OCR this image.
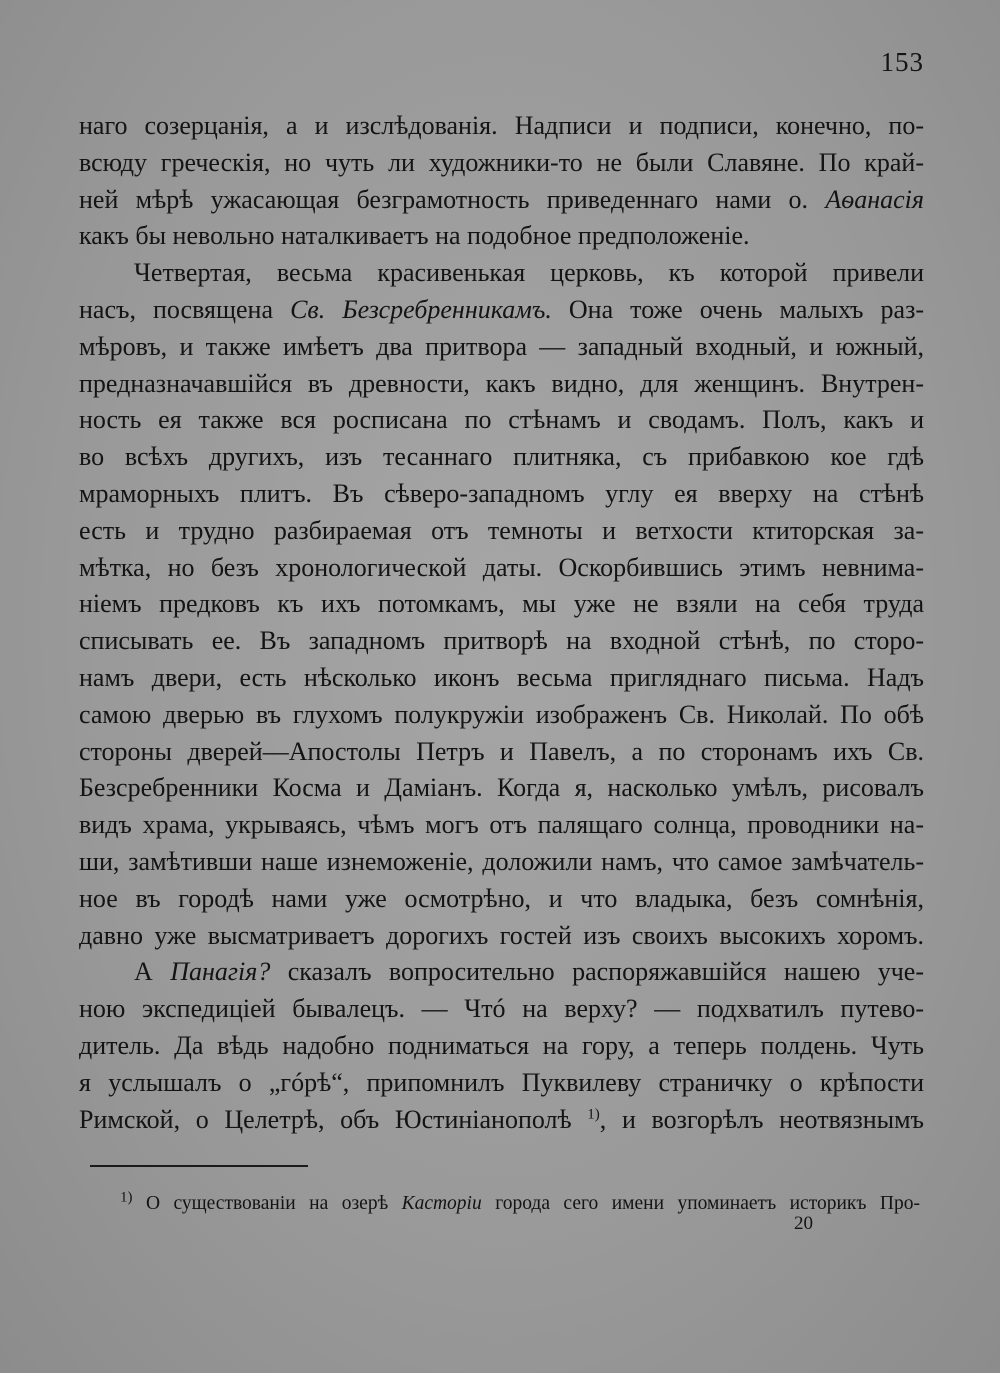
153

наго созерцанія, а и изслѣдованія. Надписи и подписи, конечно, по-
всюду греческія, но чуть ли художники-то не были Славяне. По край-
ней мѣрѣ ужасающая безграмотность приведеннаго нами о. Аѳанасія
какъ бы невольно наталкиваетъ на подобное предположеніе.
Четвертая, весьма красивенькая церковь, къ которой привели
насъ, посвящена Св. Безсребренникамъ. Она тоже очень малыхъ раз-
мѣровъ, и также имѣетъ два притвора — западный входный, и южный,
предназначавшійся въ древности, какъ видно, для женщинъ. Внутрен-
ность ея также вся росписана по стѣнамъ и сводамъ. Полъ, какъ и
во всѣхъ другихъ, изъ тесаннаго плитняка, съ прибавкою кое гдѣ
мраморныхъ плитъ. Въ сѣверо-западномъ углу ея вверху на стѣнѣ
есть и трудно разбираемая отъ темноты и ветхости ктиторская за-
мѣтка, но безъ хронологической даты. Оскорбившись этимъ невнима-
ніемъ предковъ къ ихъ потомкамъ, мы уже не взяли на себя труда
списывать ее. Въ западномъ притворѣ на входной стѣнѣ, по сторо-
намъ двери, есть нѣсколько иконъ весьма пригляднаго письма. Надъ
самою дверью въ глухомъ полукружіи изображенъ Св. Николай. По обѣ
стороны дверей—Апостолы Петръ и Павелъ, а по сторонамъ ихъ Св.
Безсребренники Косма и Даміанъ. Когда я, насколько умѣлъ, рисовалъ
видъ храма, укрываясь, чѣмъ могъ отъ палящаго солнца, проводники на-
ши, замѣтивши наше изнеможеніе, доложили намъ, что самое замѣчатель-
ное въ городѣ нами уже осмотрѣно, и что владыка, безъ сомнѣнія,
давно уже высматриваетъ дорогихъ гостей изъ своихъ высокихъ хоромъ.
А Панагія? сказалъ вопросительно распоряжавшійся нашею уче-
ною экспедиціей бывалецъ. — Чтó на верху? — подхватилъ путево-
дитель. Да вѣдь надобно подниматься на гору, а теперь полдень. Чуть
я услышалъ о „гóрѣ“, припомнилъ Пуквилеву страничку о крѣпости
Римской, о Целетрѣ, объ Юстиніанополѣ $^{1)}$, и возгорѣлъ неотвязнымъ

$^{1)}$ О существованіи на озерѣ Касторіи города сего имени упоминаетъ историкъ Про-

20
